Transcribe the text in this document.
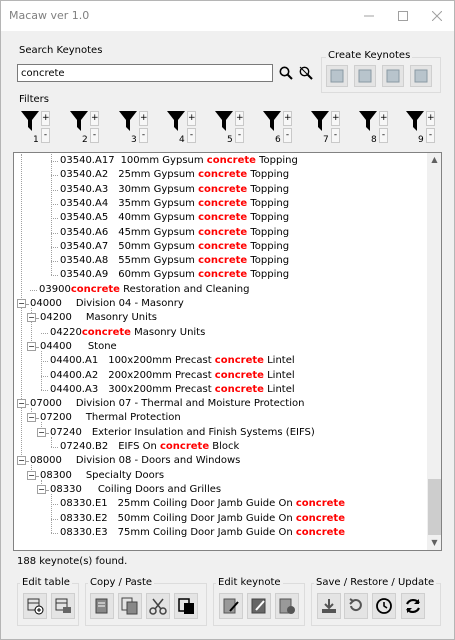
Macaw ver 1.0
Search Keynotes
concrete	Create Keynotes
Filters
1
+
-	2
+
-	3
+
-	4
+
-	5
+
-	6
+
-	7
+
-	8
+
-	9
+
-
03540.A17 100mm Gypsum concrete Topping
03540.A2 25mm Gypsum concrete Topping
03540.A3 30mm Gypsum concrete Topping
03540.A4 35mm Gypsum concrete Topping
03540.A5 40mm Gypsum concrete Topping
03540.A6 45mm Gypsum concrete Topping
03540.A7 50mm Gypsum concrete Topping
03540.A8 55mm Gypsum concrete Topping
03540.A9 60mm Gypsum concrete Topping
03900concrete Restoration and Cleaning
04000 Division 04 - Masonry
−
04200 Masonry Units
−
04220concrete Masonry Units
04400 Stone
−
04400.A1 100x200mm Precast concrete Lintel
04400.A2 200x200mm Precast concrete Lintel
04400.A3 300x200mm Precast concrete Lintel
07000 Division 07 - Thermal and Moisture Protection
−
07200 Thermal Protection
−
07240 Exterior Insulation and Finish Systems (EIFS)
−
07240.B2 EIFS On concrete Block
08000 Division 08 - Doors and Windows
−
08300 Specialty Doors
−
08330 Coiling Doors and Grilles
−
08330.E1 25mm Coiling Door Jamb Guide On concrete
08330.E2 50mm Coiling Door Jamb Guide On concrete
08330.E3 75mm Coiling Door Jamb Guide On concrete
▲
▼
188 keynote(s) found.
Edit table Copy / Paste	Edit keynote	Save / Restore / Update
